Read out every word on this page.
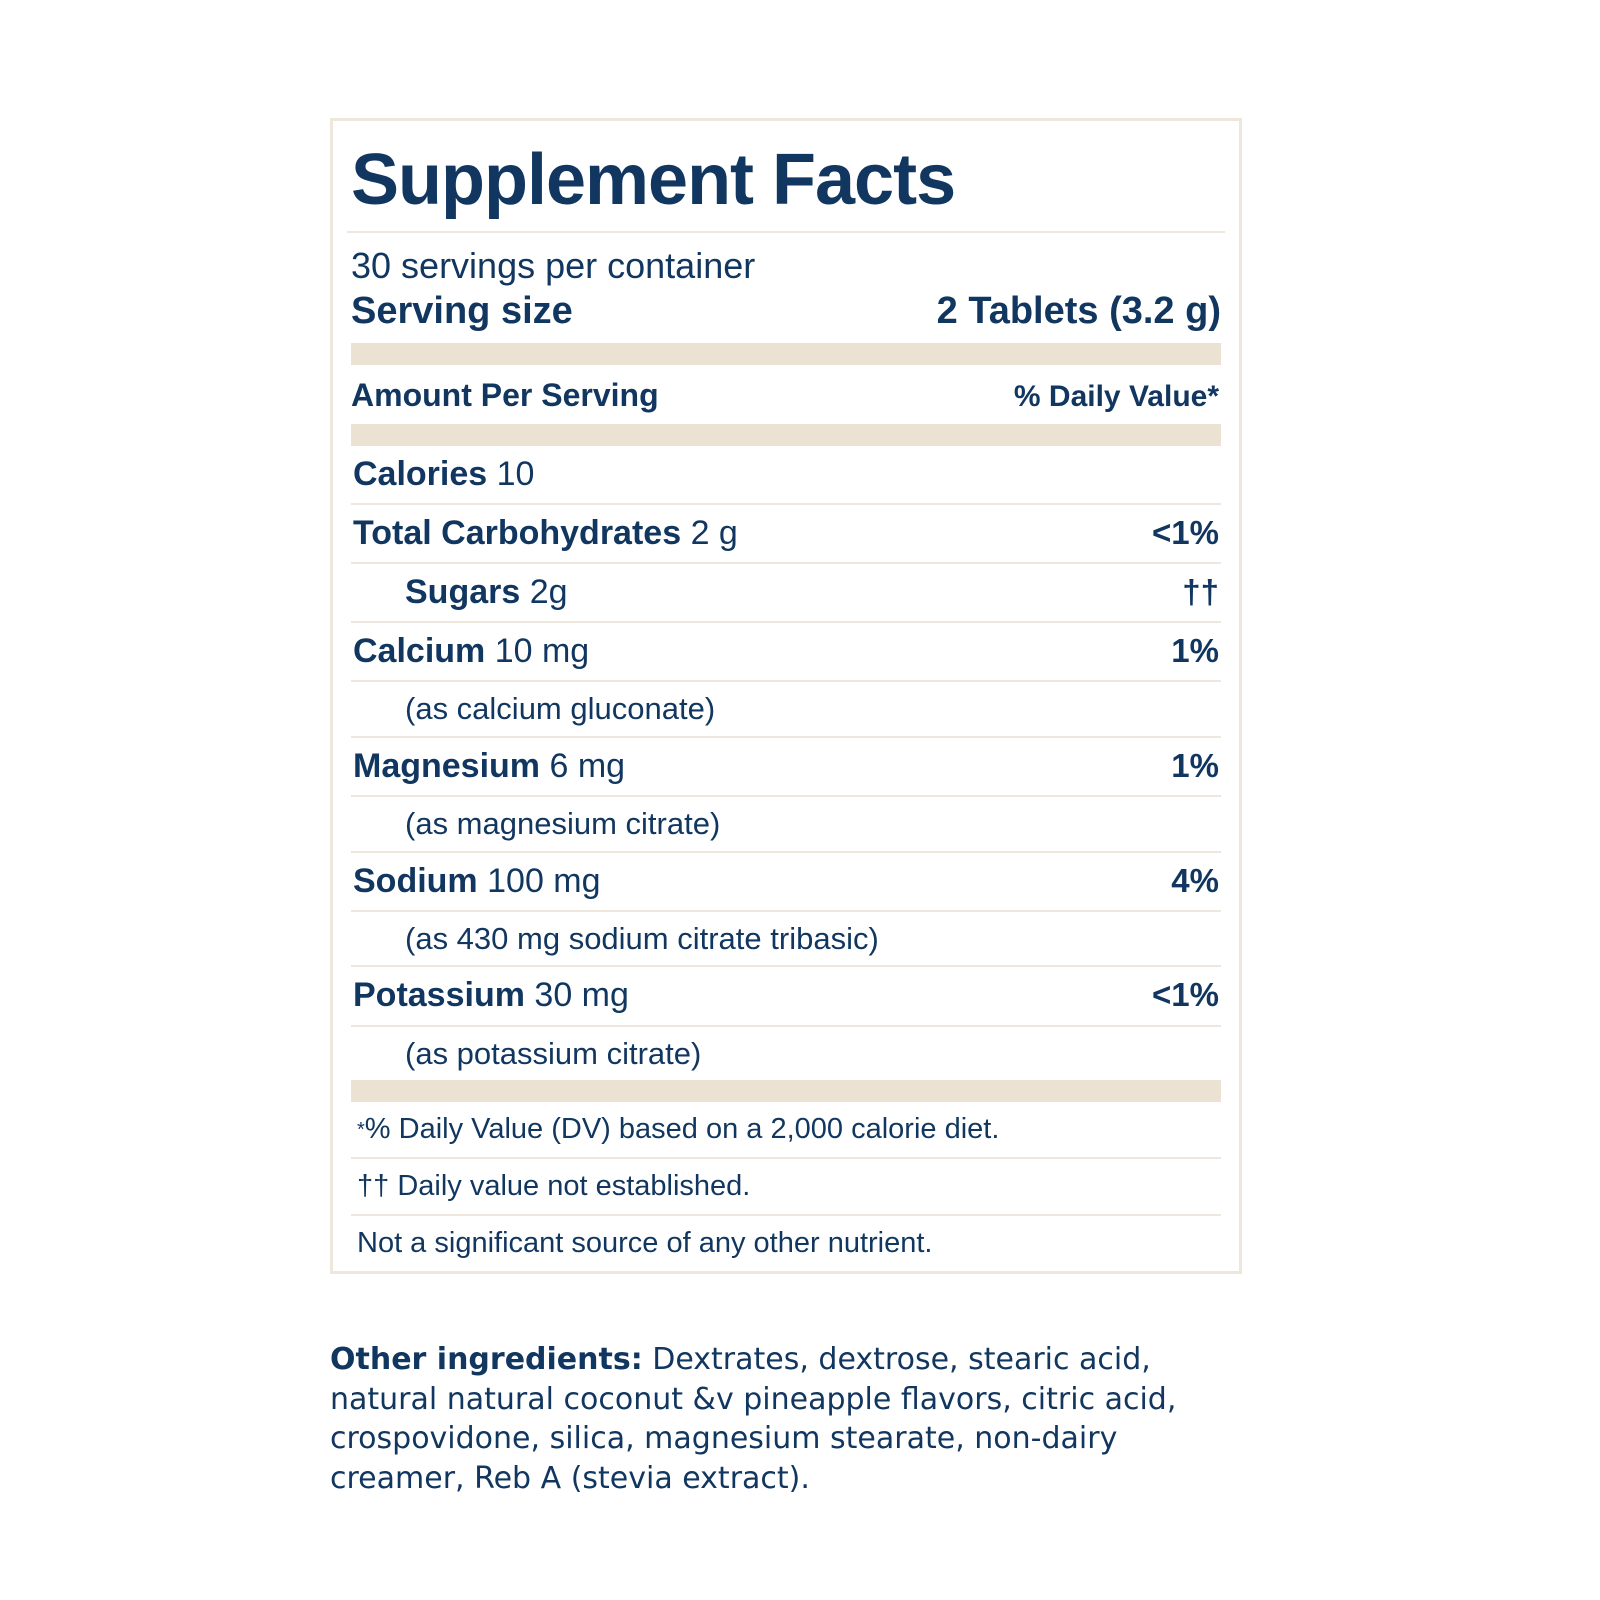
Supplement Facts
30 servings per container
Serving size	2 Tablets (3.2 g)
Amount Per Serving	% Daily Value*
Calories 10
Total Carbohydrates 2 g	<1%
Sugars 2g	††
Calcium 10 mg	1%
(as calcium gluconate)
Magnesium 6 mg	1%
(as magnesium citrate)
Sodium 100 mg	4%
(as 430 mg sodium citrate tribasic)
Potassium 30 mg	<1%
(as potassium citrate)
*% Daily Value (DV) based on a 2,000 calorie diet.
†† Daily value not established.
Not a significant source of any other nutrient.
Other ingredients: Dextrates, dextrose, stearic acid, natural natural coconut &v pineapple flavors, citric acid, crospovidone, silica, magnesium stearate, non-dairy creamer, Reb A (stevia extract).
